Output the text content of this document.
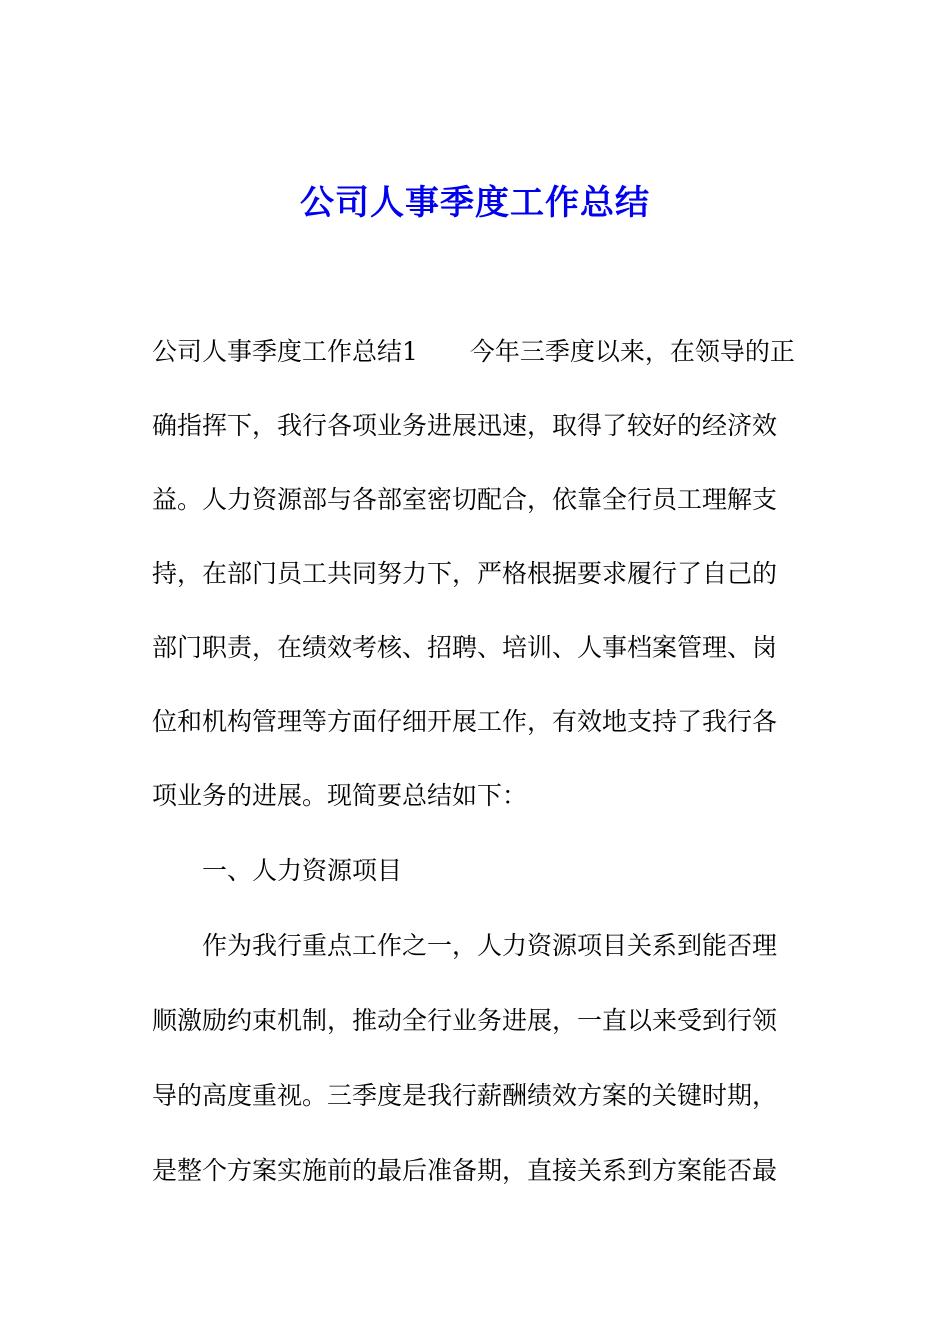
公司人事季度工作总结
公司人事季度工作总结1 今年三季度以来，在领导的正
确指挥下，我行各项业务进展迅速，取得了较好的经济效
益。人力资源部与各部室密切配合，依靠全行员工理解支
持，在部门员工共同努力下，严格根据要求履行了自己的
部门职责，在绩效考核、招聘、培训、人事档案管理、岗
位和机构管理等方面仔细开展工作，有效地支持了我行各
项业务的进展。现简要总结如下：
一、人力资源项目
作为我行重点工作之一，人力资源项目关系到能否理
顺激励约束机制，推动全行业务进展，一直以来受到行领
导的高度重视。三季度是我行薪酬绩效方案的关键时期，
是整个方案实施前的最后准备期，直接关系到方案能否最
